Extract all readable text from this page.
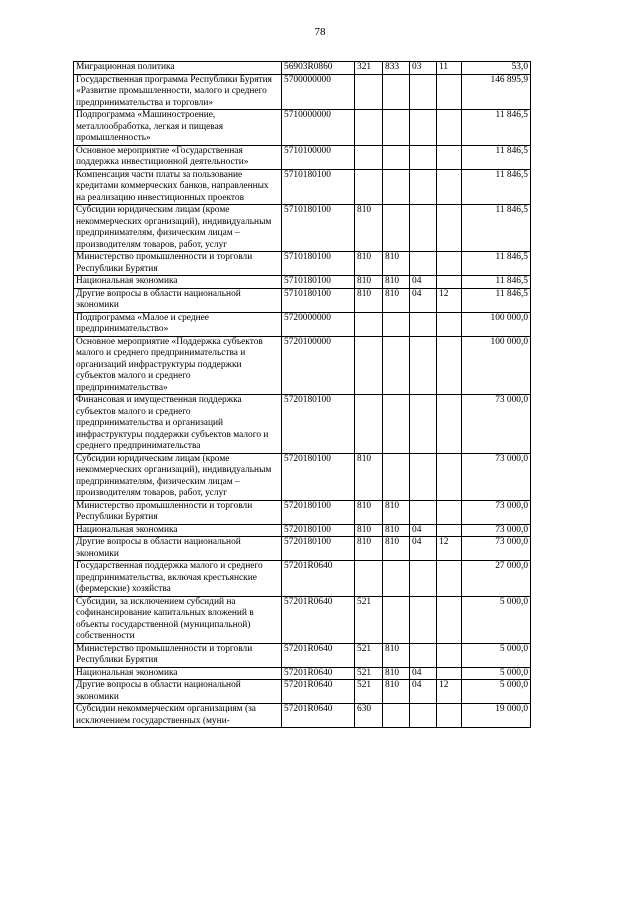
78
Миграционная политика	56903R0860	321	833	03	11	53,0
Государственная программа Республики Бурятия «Развитие промышленности, малого и среднего предпринимательства и торговли»	5700000000					146 895,9
Подпрограмма «Машиностроение, металлообработка, легкая и пищевая промышленность»	5710000000					11 846,5
Основное мероприятие «Государственная поддержка инвестиционной деятельности»	5710100000					11 846,5
Компенсация части платы за пользование кредитами коммерческих банков, направленных на реализацию инвестиционных проектов	5710180100					11 846,5
Субсидии юридическим лицам (кроме некоммерческих организаций), индивидуальным предпринимателям, физическим лицам – производителям товаров, работ, услуг	5710180100	810				11 846,5
Министерство промышленности и торговли Республики Бурятия	5710180100	810	810			11 846,5
Национальная экономика	5710180100	810	810	04		11 846,5
Другие вопросы в области национальной экономики	5710180100	810	810	04	12	11 846,5
Подпрограмма «Малое и среднее предпринимательство»	5720000000					100 000,0
Основное мероприятие «Поддержка субъектов малого и среднего предпринимательства и организаций инфраструктуры поддержки субъектов малого и среднего предпринимательства»	5720100000					100 000,0
Финансовая и имущественная поддержка субъектов малого и среднего предпринимательства и организаций инфраструктуры поддержки субъектов малого и среднего предпринимательства	5720180100					73 000,0
Субсидии юридическим лицам (кроме некоммерческих организаций), индивидуальным предпринимателям, физическим лицам – производителям товаров, работ, услуг	5720180100	810				73 000,0
Министерство промышленности и торговли Республики Бурятия	5720180100	810	810			73 000,0
Национальная экономика	5720180100	810	810	04		73 000,0
Другие вопросы в области национальной экономики	5720180100	810	810	04	12	73 000,0
Государственная поддержка малого и среднего предпринимательства, включая крестьянские (фермерские) хозяйства	57201R0640					27 000,0
Субсидии, за исключением субсидий на софинансирование капитальных вложений в объекты государственной (муниципальной) собственности	57201R0640	521				5 000,0
Министерство промышленности и торговли Республики Бурятия	57201R0640	521	810			5 000,0
Национальная экономика	57201R0640	521	810	04		5 000,0
Другие вопросы в области национальной экономики	57201R0640	521	810	04	12	5 000,0
Субсидии некоммерческим организациям (за исключением государственных (муни-	57201R0640	630				19 000,0
